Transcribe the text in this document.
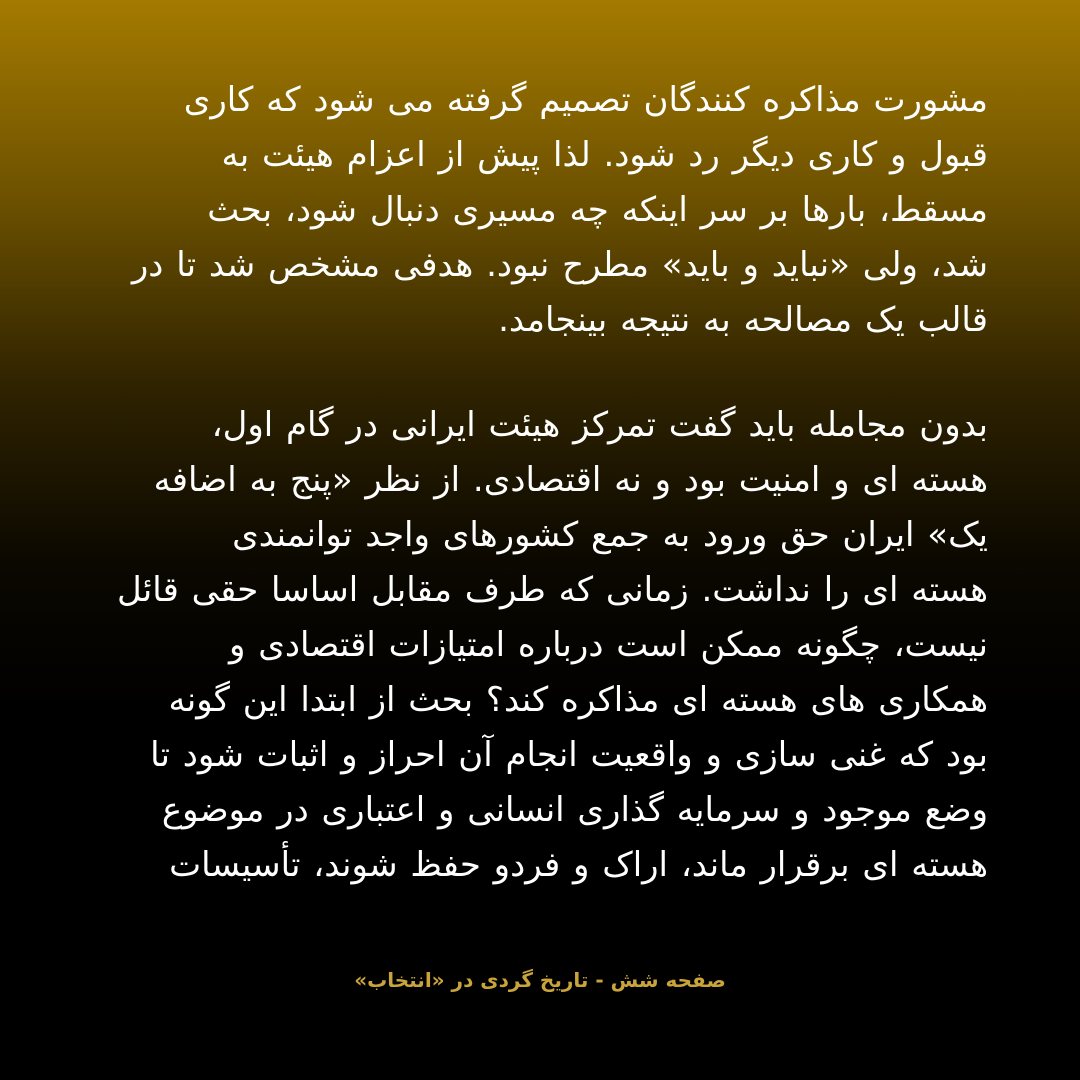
مشورت مذاکره کنندگان تصمیم گرفته می شود که کاری
قبول و کاری دیگر رد شود. لذا پیش از اعزام هیئت به
مسقط، بارها بر سر اینکه چه مسیری دنبال شود، بحث
شد، ولی «نباید و باید» مطرح نبود. هدفی مشخص شد تا در
قالب یک مصالحه به نتیجه بینجامد.
بدون مجامله باید گفت تمرکز هیئت ایرانی در گام اول،
هسته ای و امنیت بود و نه اقتصادی. از نظر «پنج به اضافه
یک» ایران حق ورود به جمع کشورهای واجد توانمندی
هسته ای را نداشت. زمانی که طرف مقابل اساسا حقی قائل
نیست، چگونه ممکن است درباره امتیازات اقتصادی و
همکاری های هسته ای مذاکره کند؟ بحث از ابتدا این گونه
بود که غنی سازی و واقعیت انجام آن احراز و اثبات شود تا
وضع موجود و سرمایه گذاری انسانی و اعتباری در موضوع
هسته ای برقرار ماند، اراک و فردو حفظ شوند، تأسیسات
صفحه شش - تاریخ گردی در «انتخاب»
